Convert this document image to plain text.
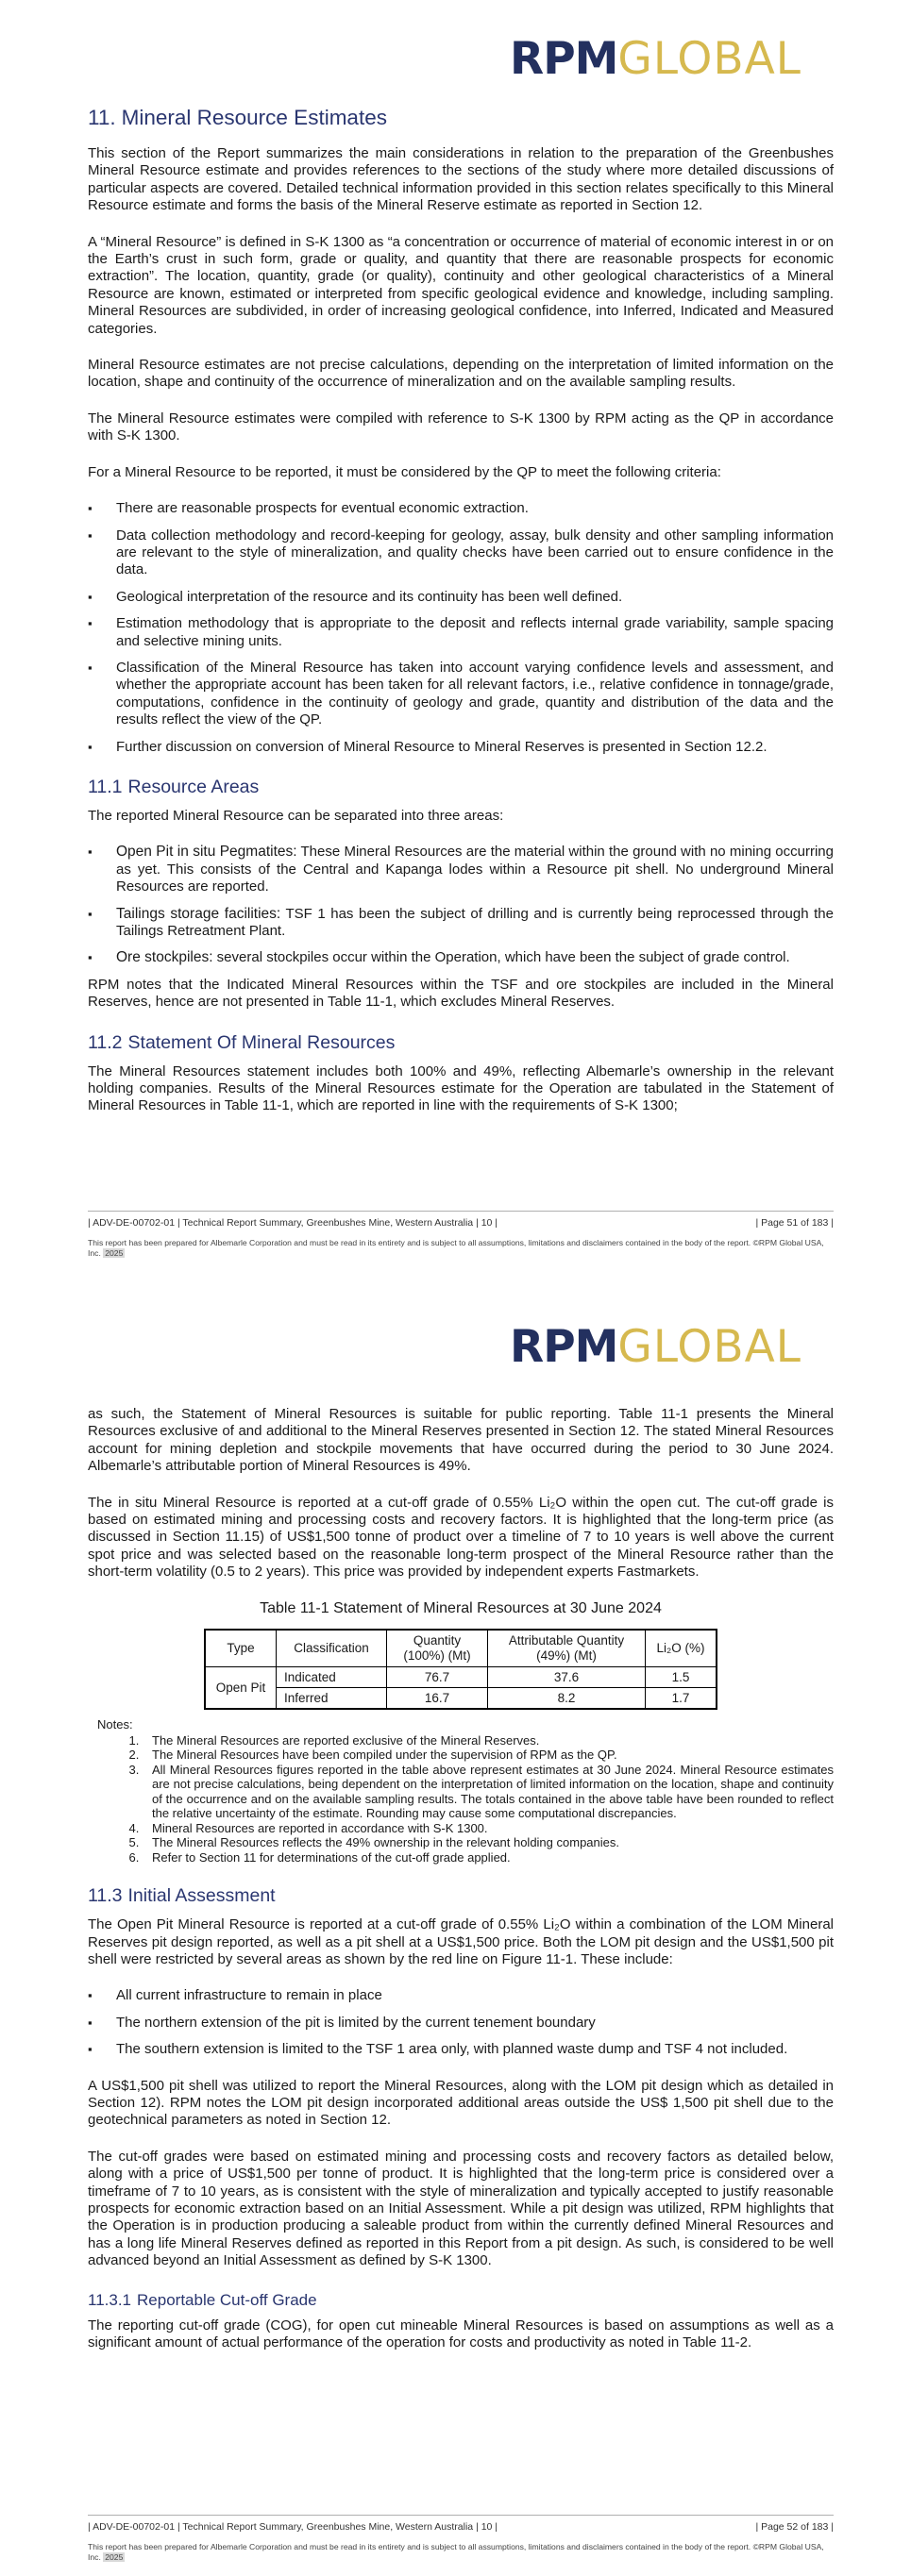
RPMGLOBAL
11. Mineral Resource Estimates

This section of the Report summarizes the main considerations in relation to the preparation of the Greenbushes Mineral Resource estimate and provides references to the sections of the study where more detailed discussions of particular aspects are covered. Detailed technical information provided in this section relates specifically to this Mineral Resource estimate and forms the basis of the Mineral Reserve estimate as reported in Section 12.

A “Mineral Resource” is defined in S-K 1300 as “a concentration or occurrence of material of economic interest in or on the Earth’s crust in such form, grade or quality, and quantity that there are reasonable prospects for economic extraction”. The location, quantity, grade (or quality), continuity and other geological characteristics of a Mineral Resource are known, estimated or interpreted from specific geological evidence and knowledge, including sampling. Mineral Resources are subdivided, in order of increasing geological confidence, into Inferred, Indicated and Measured categories.

Mineral Resource estimates are not precise calculations, depending on the interpretation of limited information on the location, shape and continuity of the occurrence of mineralization and on the available sampling results.

The Mineral Resource estimates were compiled with reference to S-K 1300 by RPM acting as the QP in accordance with S-K 1300.

For a Mineral Resource to be reported, it must be considered by the QP to meet the following criteria:

▪ There are reasonable prospects for eventual economic extraction.
▪ Data collection methodology and record-keeping for geology, assay, bulk density and other sampling information are relevant to the style of mineralization, and quality checks have been carried out to ensure confidence in the data.
▪ Geological interpretation of the resource and its continuity has been well defined.
▪ Estimation methodology that is appropriate to the deposit and reflects internal grade variability, sample spacing and selective mining units.
▪ Classification of the Mineral Resource has taken into account varying confidence levels and assessment, and whether the appropriate account has been taken for all relevant factors, i.e., relative confidence in tonnage/grade, computations, confidence in the continuity of geology and grade, quantity and distribution of the data and the results reflect the view of the QP.
▪ Further discussion on conversion of Mineral Resource to Mineral Reserves is presented in Section 12.2.
11.1 Resource Areas

The reported Mineral Resource can be separated into three areas:

▪ Open Pit in situ Pegmatites: These Mineral Resources are the material within the ground with no mining occurring as yet. This consists of the Central and Kapanga lodes within a Resource pit shell. No underground Mineral Resources are reported.
▪ Tailings storage facilities: TSF 1 has been the subject of drilling and is currently being reprocessed through the Tailings Retreatment Plant.
▪ Ore stockpiles: several stockpiles occur within the Operation, which have been the subject of grade control.

RPM notes that the Indicated Mineral Resources within the TSF and ore stockpiles are included in the Mineral Reserves, hence are not presented in Table 11-1, which excludes Mineral Reserves.

11.2 Statement Of Mineral Resources

The Mineral Resources statement includes both 100% and 49%, reflecting Albemarle’s ownership in the relevant holding companies. Results of the Mineral Resources estimate for the Operation are tabulated in the Statement of Mineral Resources in Table 11-1, which are reported in line with the requirements of S-K 1300;

| ADV-DE-00702-01 | Technical Report Summary, Greenbushes Mine, Western Australia | 10 |	| Page 51 of 183 |
This report has been prepared for Albemarle Corporation and must be read in its entirety and is subject to all assumptions, limitations and disclaimers contained in the body of the report. ©RPM Global USA, Inc. 2025
RPMGLOBAL

as such, the Statement of Mineral Resources is suitable for public reporting. Table 11-1 presents the Mineral Resources exclusive of and additional to the Mineral Reserves presented in Section 12. The stated Mineral Resources account for mining depletion and stockpile movements that have occurred during the period to 30 June 2024. Albemarle’s attributable portion of Mineral Resources is 49%.

The in situ Mineral Resource is reported at a cut-off grade of 0.55% Li₂O within the open cut. The cut-off grade is based on estimated mining and processing costs and recovery factors. It is highlighted that the long-term price (as discussed in Section 11.15) of US$1,500 tonne of product over a timeline of 7 to 10 years is well above the current spot price and was selected based on the reasonable long-term prospect of the Mineral Resource rather than the short-term volatility (0.5 to 2 years). This price was provided by independent experts Fastmarkets.

Table 11-1 Statement of Mineral Resources at 30 June 2024
Type	Classification	Quantity (100%) (Mt)	Attributable Quantity (49%) (Mt)	Li₂O (%)
Open Pit	Indicated	76.7	37.6	1.5
	Inferred	16.7	8.2	1.7
Notes:
1. The Mineral Resources are reported exclusive of the Mineral Reserves.
2. The Mineral Resources have been compiled under the supervision of RPM as the QP.
3. All Mineral Resources figures reported in the table above represent estimates at 30 June 2024. Mineral Resource estimates are not precise calculations, being dependent on the interpretation of limited information on the location, shape and continuity of the occurrence and on the available sampling results. The totals contained in the above table have been rounded to reflect the relative uncertainty of the estimate. Rounding may cause some computational discrepancies.
4. Mineral Resources are reported in accordance with S-K 1300.
5. The Mineral Resources reflects the 49% ownership in the relevant holding companies.
6. Refer to Section 11 for determinations of the cut-off grade applied.
11.3 Initial Assessment

The Open Pit Mineral Resource is reported at a cut-off grade of 0.55% Li₂O within a combination of the LOM Mineral Reserves pit design reported, as well as a pit shell at a US$1,500 price. Both the LOM pit design and the US$1,500 pit shell were restricted by several areas as shown by the red line on Figure 11-1. These include:

▪ All current infrastructure to remain in place
▪ The northern extension of the pit is limited by the current tenement boundary
▪ The southern extension is limited to the TSF 1 area only, with planned waste dump and TSF 4 not included.

A US$1,500 pit shell was utilized to report the Mineral Resources, along with the LOM pit design which as detailed in Section 12). RPM notes the LOM pit design incorporated additional areas outside the US$ 1,500 pit shell due to the geotechnical parameters as noted in Section 12.

The cut-off grades were based on estimated mining and processing costs and recovery factors as detailed below, along with a price of US$1,500 per tonne of product. It is highlighted that the long-term price is considered over a timeframe of 7 to 10 years, as is consistent with the style of mineralization and typically accepted to justify reasonable prospects for economic extraction based on an Initial Assessment. While a pit design was utilized, RPM highlights that the Operation is in production producing a saleable product from within the currently defined Mineral Resources and has a long life Mineral Reserves defined as reported in this Report from a pit design. As such, is considered to be well advanced beyond an Initial Assessment as defined by S-K 1300.

11.3.1 Reportable Cut-off Grade

The reporting cut-off grade (COG), for open cut mineable Mineral Resources is based on assumptions as well as a significant amount of actual performance of the operation for costs and productivity as noted in Table 11-2.

| ADV-DE-00702-01 | Technical Report Summary, Greenbushes Mine, Western Australia | 10 |	| Page 52 of 183 |
This report has been prepared for Albemarle Corporation and must be read in its entirety and is subject to all assumptions, limitations and disclaimers contained in the body of the report. ©RPM Global USA, Inc. 2025
